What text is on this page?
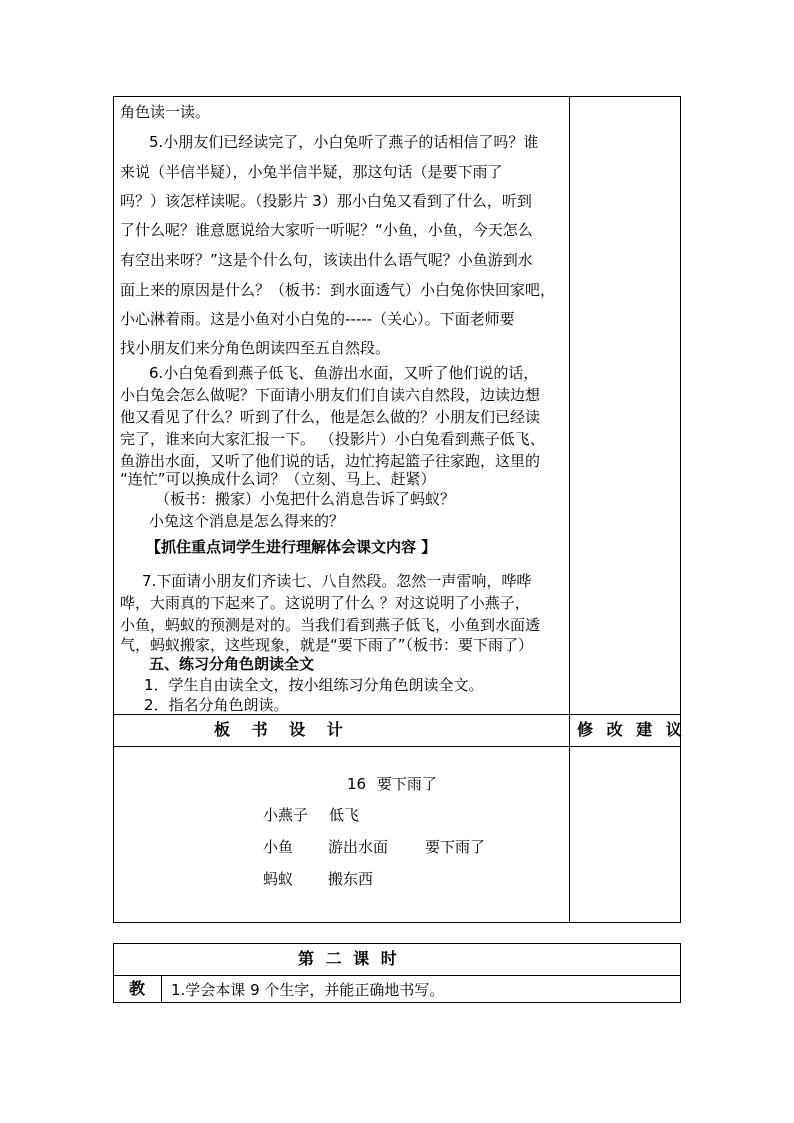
角色读一读。
5.小朋友们已经读完了，小白兔听了燕子的话相信了吗？谁
来说（半信半疑），小兔半信半疑，那这句话（是要下雨了
吗？）该怎样读呢。（投影片 3）那小白兔又看到了什么，听到
了什么呢？谁意愿说给大家听一听呢？“小鱼，小鱼，今天怎么
有空出来呀？”这是个什么句，该读出什么语气呢？小鱼游到水
面上来的原因是什么？（板书：到水面透气）小白兔你快回家吧，
小心淋着雨。这是小鱼对小白兔的-----（关心）。下面老师要
找小朋友们来分角色朗读四至五自然段。
6.小白兔看到燕子低飞、鱼游出水面，又听了他们说的话，
小白兔会怎么做呢？下面请小朋友们们自读六自然段，边读边想
他又看见了什么？听到了什么，他是怎么做的？小朋友们已经读
完了，谁来向大家汇报一下。 （投影片）小白兔看到燕子低飞、
鱼游出水面，又听了他们说的话，边忙挎起篮子往家跑，这里的
“连忙”可以换成什么词？（立刻、马上、赶紧）
（板书：搬家）小兔把什么消息告诉了蚂蚁？
小兔这个消息是怎么得来的？
【抓住重点词学生进行理解体会课文内容 】
7.下面请小朋友们齐读七、八自然段。忽然一声雷响，哗哗
哗，大雨真的下起来了。这说明了什么 ？对这说明了小燕子，
小鱼，蚂蚁的预测是对的。当我们看到燕子低飞，小鱼到水面透
气，蚂蚁搬家，这些现象，就是“要下雨了”（板书：要下雨了）
五、练习分角色朗读全文
1．学生自由读全文，按小组练习分角色朗读全文。
2．指名分角色朗读。
板 书 设 计	修 改 建 议
16 要下雨了
小燕子 低飞
小鱼 游出水面 要下雨了
蚂蚁 搬东西
第 二 课 时
教 1.学会本课 9 个生字，并能正确地书写。
